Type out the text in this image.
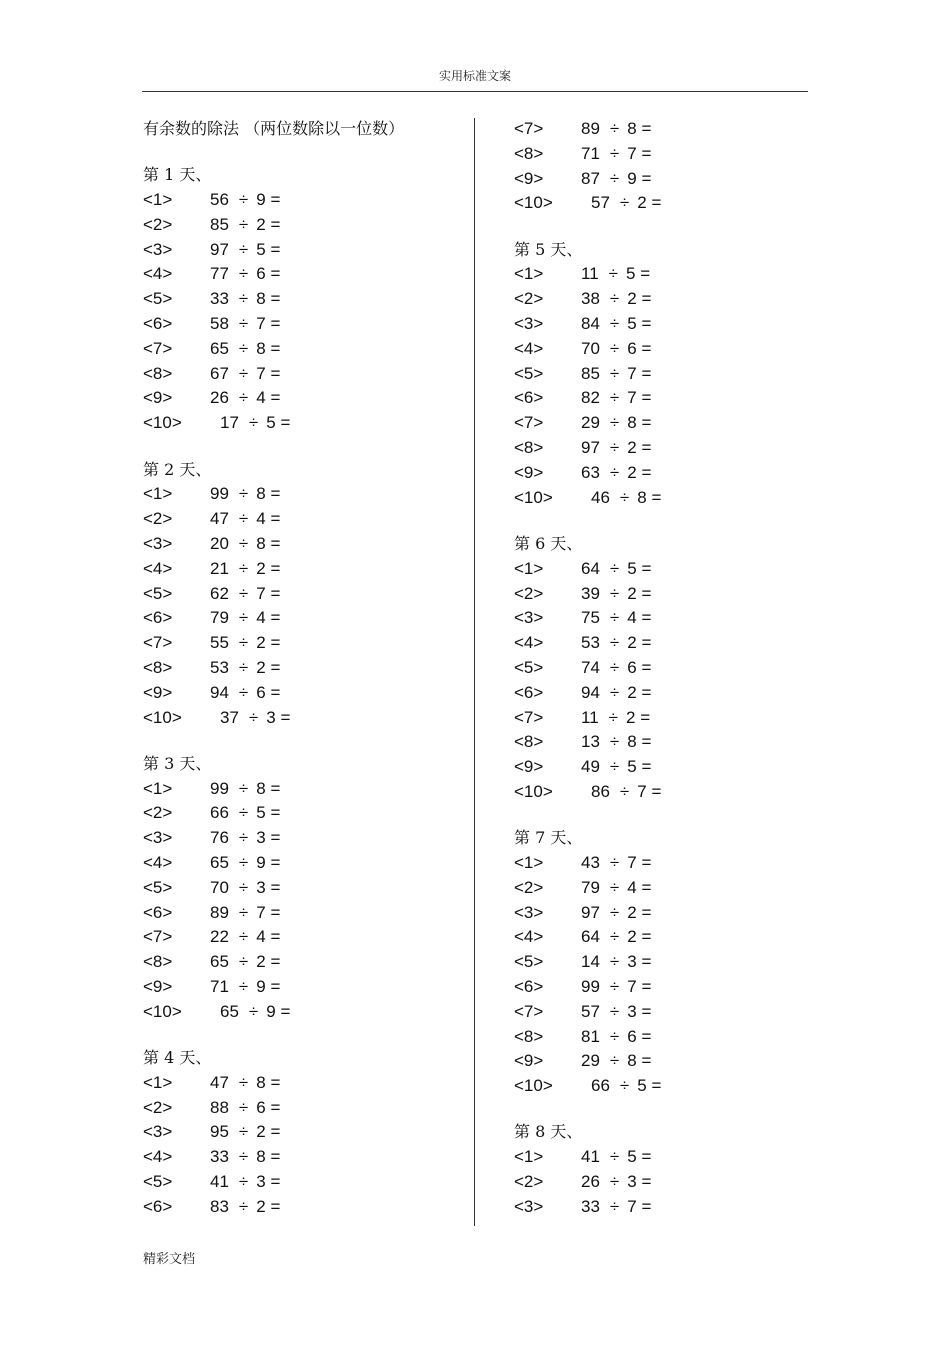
实用标准文案
有余数的除法 （两位数除以一位数）
第 1 天、
<1> 56 ÷ 9 =
<2> 85 ÷ 2 =
<3> 97 ÷ 5 =
<4> 77 ÷ 6 =
<5> 33 ÷ 8 =
<6> 58 ÷ 7 =
<7> 65 ÷ 8 =
<8> 67 ÷ 7 =
<9> 26 ÷ 4 =
<10> 17 ÷ 5 =
第 2 天、
<1> 99 ÷ 8 =
<2> 47 ÷ 4 =
<3> 20 ÷ 8 =
<4> 21 ÷ 2 =
<5> 62 ÷ 7 =
<6> 79 ÷ 4 =
<7> 55 ÷ 2 =
<8> 53 ÷ 2 =
<9> 94 ÷ 6 =
<10> 37 ÷ 3 =
第 3 天、
<1> 99 ÷ 8 =
<2> 66 ÷ 5 =
<3> 76 ÷ 3 =
<4> 65 ÷ 9 =
<5> 70 ÷ 3 =
<6> 89 ÷ 7 =
<7> 22 ÷ 4 =
<8> 65 ÷ 2 =
<9> 71 ÷ 9 =
<10> 65 ÷ 9 =
第 4 天、
<1> 47 ÷ 8 =
<2> 88 ÷ 6 =
<3> 95 ÷ 2 =
<4> 33 ÷ 8 =
<5> 41 ÷ 3 =
<6> 83 ÷ 2 =
<7> 89 ÷ 8 =
<8> 71 ÷ 7 =
<9> 87 ÷ 9 =
<10> 57 ÷ 2 =
第 5 天、
<1> 11 ÷ 5 =
<2> 38 ÷ 2 =
<3> 84 ÷ 5 =
<4> 70 ÷ 6 =
<5> 85 ÷ 7 =
<6> 82 ÷ 7 =
<7> 29 ÷ 8 =
<8> 97 ÷ 2 =
<9> 63 ÷ 2 =
<10> 46 ÷ 8 =
第 6 天、
<1> 64 ÷ 5 =
<2> 39 ÷ 2 =
<3> 75 ÷ 4 =
<4> 53 ÷ 2 =
<5> 74 ÷ 6 =
<6> 94 ÷ 2 =
<7> 11 ÷ 2 =
<8> 13 ÷ 8 =
<9> 49 ÷ 5 =
<10> 86 ÷ 7 =
第 7 天、
<1> 43 ÷ 7 =
<2> 79 ÷ 4 =
<3> 97 ÷ 2 =
<4> 64 ÷ 2 =
<5> 14 ÷ 3 =
<6> 99 ÷ 7 =
<7> 57 ÷ 3 =
<8> 81 ÷ 6 =
<9> 29 ÷ 8 =
<10> 66 ÷ 5 =
第 8 天、
<1> 41 ÷ 5 =
<2> 26 ÷ 3 =
<3> 33 ÷ 7 =
精彩文档
